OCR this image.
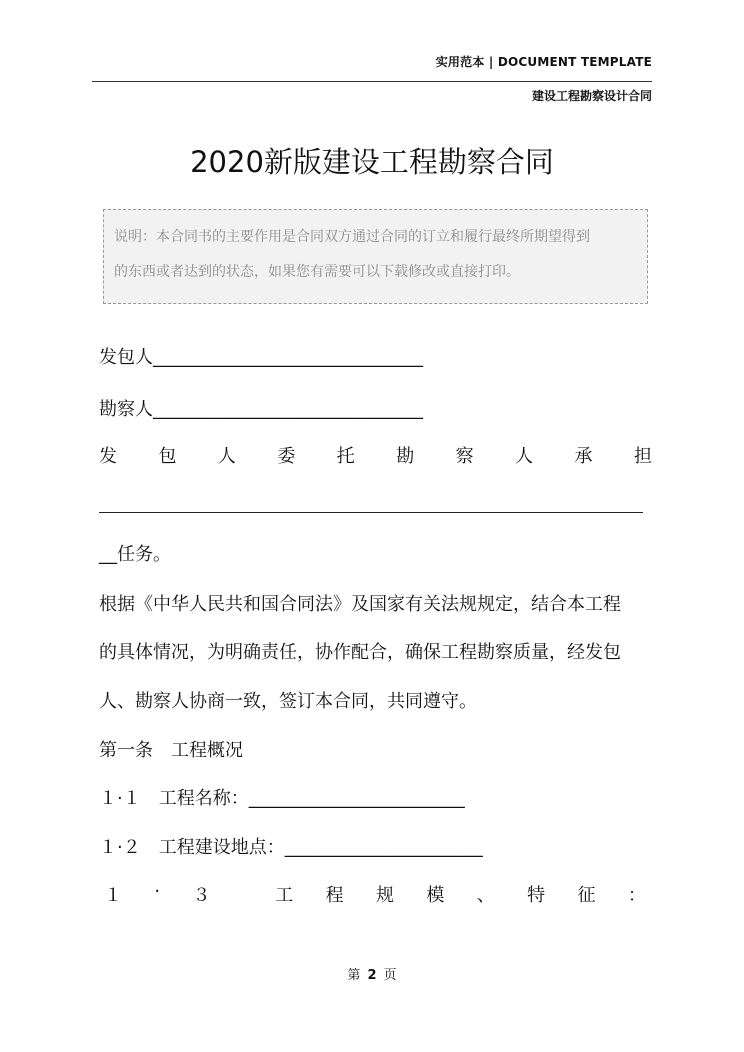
实用范本 | DOCUMENT TEMPLATE
建设工程勘察设计合同
2020新版建设工程勘察合同
说明：本合同书的主要作用是合同双方通过合同的订立和履行最终所期望得到
的东西或者达到的状态，如果您有需要可以下载修改或直接打印。
发包人______________________________
勘察人______________________________
发 包 人 委 托 勘 察 人 承 担
__任务。
根据《中华人民共和国合同法》及国家有关法规规定，结合本工程
的具体情况，为明确责任，协作配合，确保工程勘察质量，经发包
人、勘察人协商一致，签订本合同，共同遵守。
第一条　工程概况
１·１　工程名称：________________________
１·２　工程建设地点：______________________
１ · ３	工 程 规 模 、 特 征 ：
第 2 页
